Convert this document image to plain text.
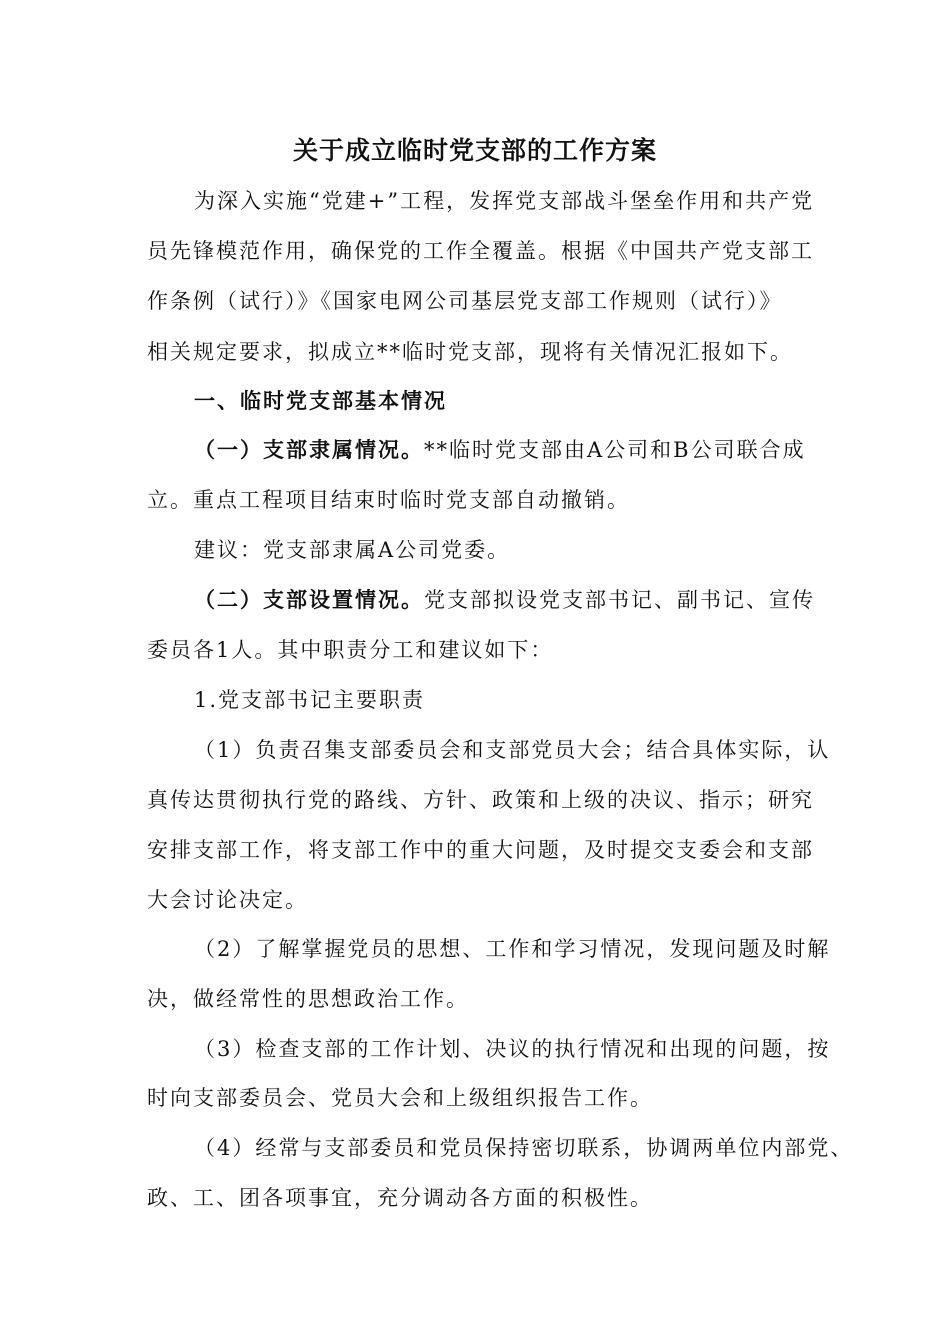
关于成立临时党支部的工作方案
为深入实施“党建+”工程，发挥党支部战斗堡垒作用和共产党
员先锋模范作用，确保党的工作全覆盖。根据《中国共产党支部工
作条例（试行）》《国家电网公司基层党支部工作规则（试行）》
相关规定要求，拟成立**临时党支部，现将有关情况汇报如下。
一、临时党支部基本情况
（一）支部隶属情况。**临时党支部由A公司和B公司联合成
立。重点工程项目结束时临时党支部自动撤销。
建议：党支部隶属A公司党委。
（二）支部设置情况。党支部拟设党支部书记、副书记、宣传
委员各1人。其中职责分工和建议如下：
1.党支部书记主要职责
（1）负责召集支部委员会和支部党员大会；结合具体实际，认
真传达贯彻执行党的路线、方针、政策和上级的决议、指示；研究
安排支部工作，将支部工作中的重大问题，及时提交支委会和支部
大会讨论决定。
（2）了解掌握党员的思想、工作和学习情况，发现问题及时解
决，做经常性的思想政治工作。
（3）检查支部的工作计划、决议的执行情况和出现的问题，按
时向支部委员会、党员大会和上级组织报告工作。
（4）经常与支部委员和党员保持密切联系，协调两单位内部党、
政、工、团各项事宜，充分调动各方面的积极性。
